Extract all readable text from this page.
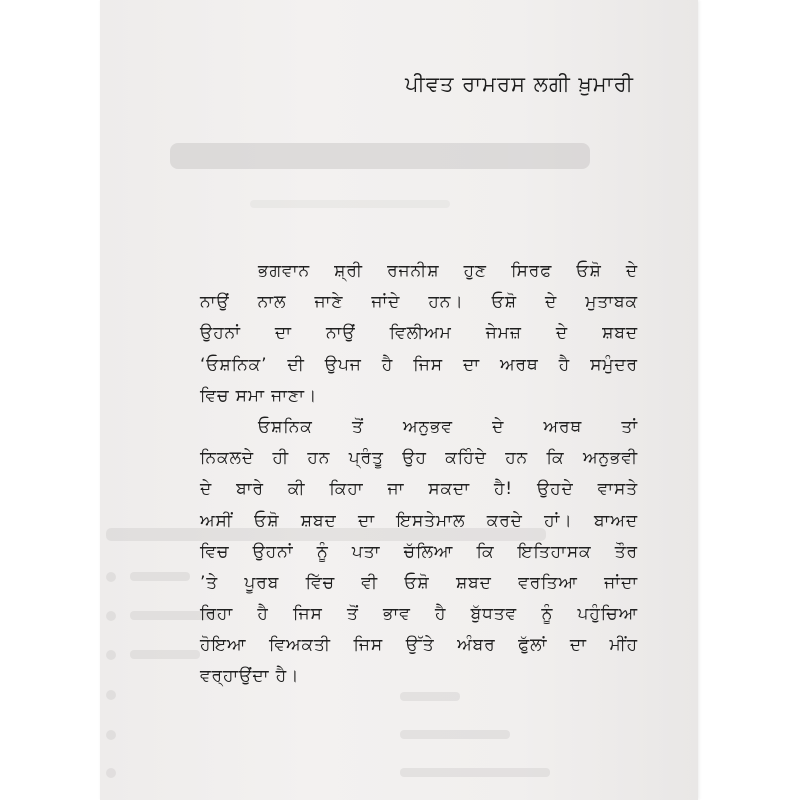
ਪੀਵਤ ਰਾਮਰਸ ਲਗੀ ਖ਼ੁਮਾਰੀ
ਭਗਵਾਨ ਸ਼੍ਰੀ ਰਜਨੀਸ਼ ਹੁਣ ਸਿਰਫ ਓਸ਼ੋ ਦੇ
ਨਾਉਂ ਨਾਲ ਜਾਣੇ ਜਾਂਦੇ ਹਨ। ਓਸ਼ੋ ਦੇ ਮੁਤਾਬਕ
ਉਹਨਾਂ ਦਾ ਨਾਉਂ ਵਿਲੀਅਮ ਜੇਮਜ਼ ਦੇ ਸ਼ਬਦ
‘ਓਸ਼ਨਿਕ’ ਦੀ ਉਪਜ ਹੈ ਜਿਸ ਦਾ ਅਰਥ ਹੈ ਸਮੁੰਦਰ
ਵਿਚ ਸਮਾ ਜਾਣਾ।
ਓਸ਼ਨਿਕ ਤੋਂ ਅਨੁਭਵ ਦੇ ਅਰਥ ਤਾਂ
ਨਿਕਲਦੇ ਹੀ ਹਨ ਪ੍ਰੰਤੂ ਉਹ ਕਹਿੰਦੇ ਹਨ ਕਿ ਅਨੁਭਵੀ
ਦੇ ਬਾਰੇ ਕੀ ਕਿਹਾ ਜਾ ਸਕਦਾ ਹੈ! ਉਹਦੇ ਵਾਸਤੇ
ਅਸੀਂ ਓਸ਼ੋ ਸ਼ਬਦ ਦਾ ਇਸਤੇਮਾਲ ਕਰਦੇ ਹਾਂ। ਬਾਅਦ
ਵਿਚ ਉਹਨਾਂ ਨੂੰ ਪਤਾ ਚੱਲਿਆ ਕਿ ਇਤਿਹਾਸਕ ਤੌਰ
’ਤੇ ਪੂਰਬ ਵਿੱਚ ਵੀ ਓਸ਼ੋ ਸ਼ਬਦ ਵਰਤਿਆ ਜਾਂਦਾ
ਰਿਹਾ ਹੈ ਜਿਸ ਤੋਂ ਭਾਵ ਹੈ ਬੁੱਧਤਵ ਨੂੰ ਪਹੁੰਚਿਆ
ਹੋਇਆ ਵਿਅਕਤੀ ਜਿਸ ਉੱਤੇ ਅੰਬਰ ਫੁੱਲਾਂ ਦਾ ਮੀਂਹ
ਵਰ੍ਹਾਉਂਦਾ ਹੈ।
